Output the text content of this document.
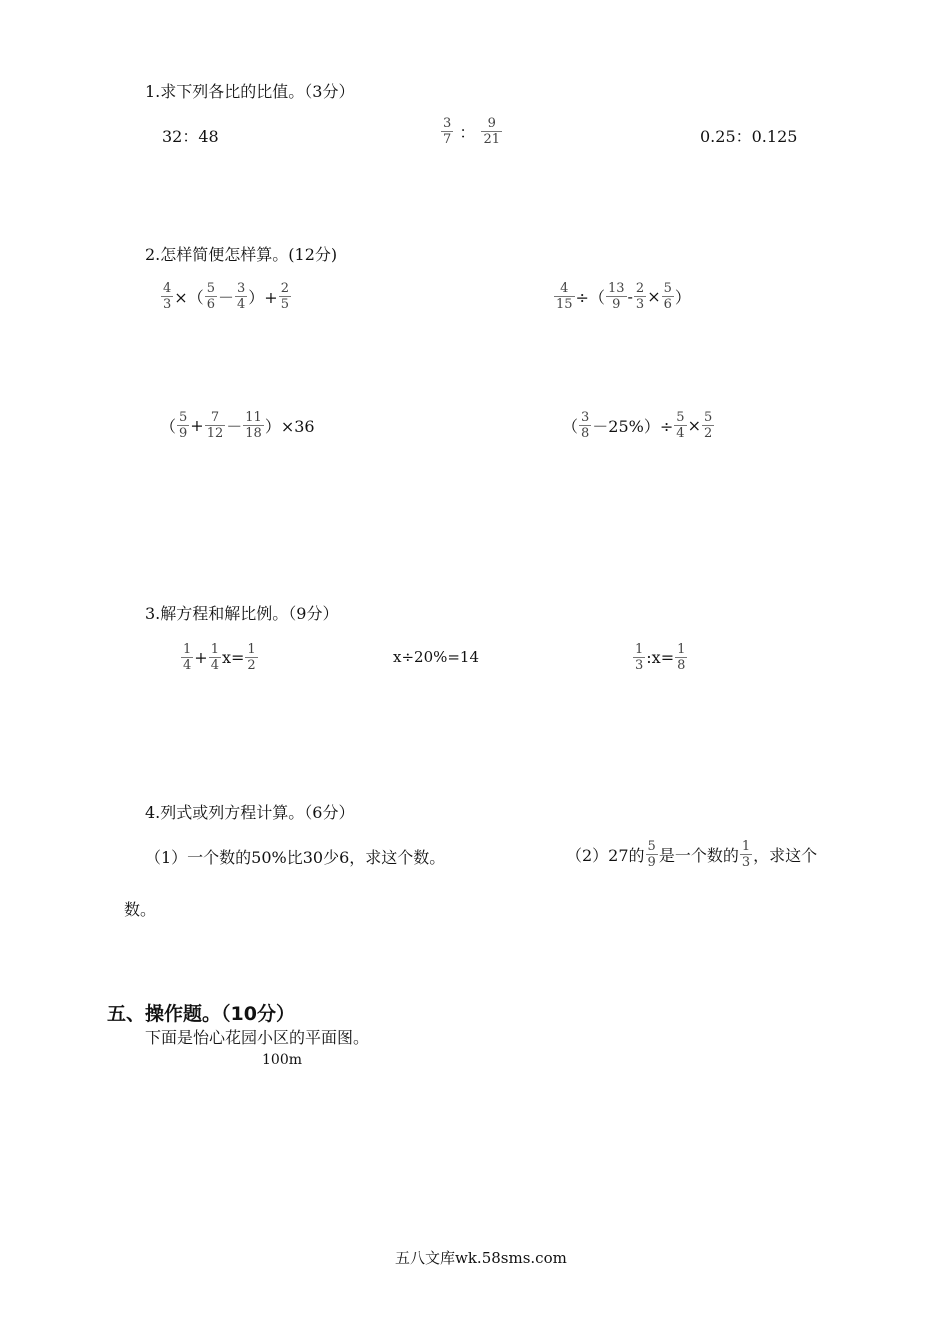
1.求下列各比的比值。（3分）
32：48	$\frac{3}{7}$ ： $\frac{9}{21}$	0.25：0.125
2.怎样简便怎样算。(12分)
$\frac{4}{3}$ ×（ $\frac{5}{6} - \frac{3}{4}$ ）+ $\frac{2}{5}$	$\frac{4}{15}$ ÷（ $\frac{13}{9} - \frac{2}{3} \times \frac{5}{6}$ ）
（ $\frac{5}{9} + \frac{7}{12} - \frac{11}{18} )\times 36$	（ $\frac{3}{8} -25\%)\div \frac{5}{4} \times \frac{5}{2}$
3.解方程和解比例。（9分）
$\frac{1}{4} + \frac{1}{4} x= \frac{1}{2}$	x÷20%=14	$\frac{1}{3}$ :x= $\frac{1}{8}$
4.列式或列方程计算。（6分）
（1）一个数的50%比30少6，求这个数。	（2）27的 $\frac{5}{9}$ 是一个数的 $\frac{1}{3}$ ，求这个
数。
五、操作题。（10分）
下面是怡心花园小区的平面图。
100m
五八文库wk.58sms.com
